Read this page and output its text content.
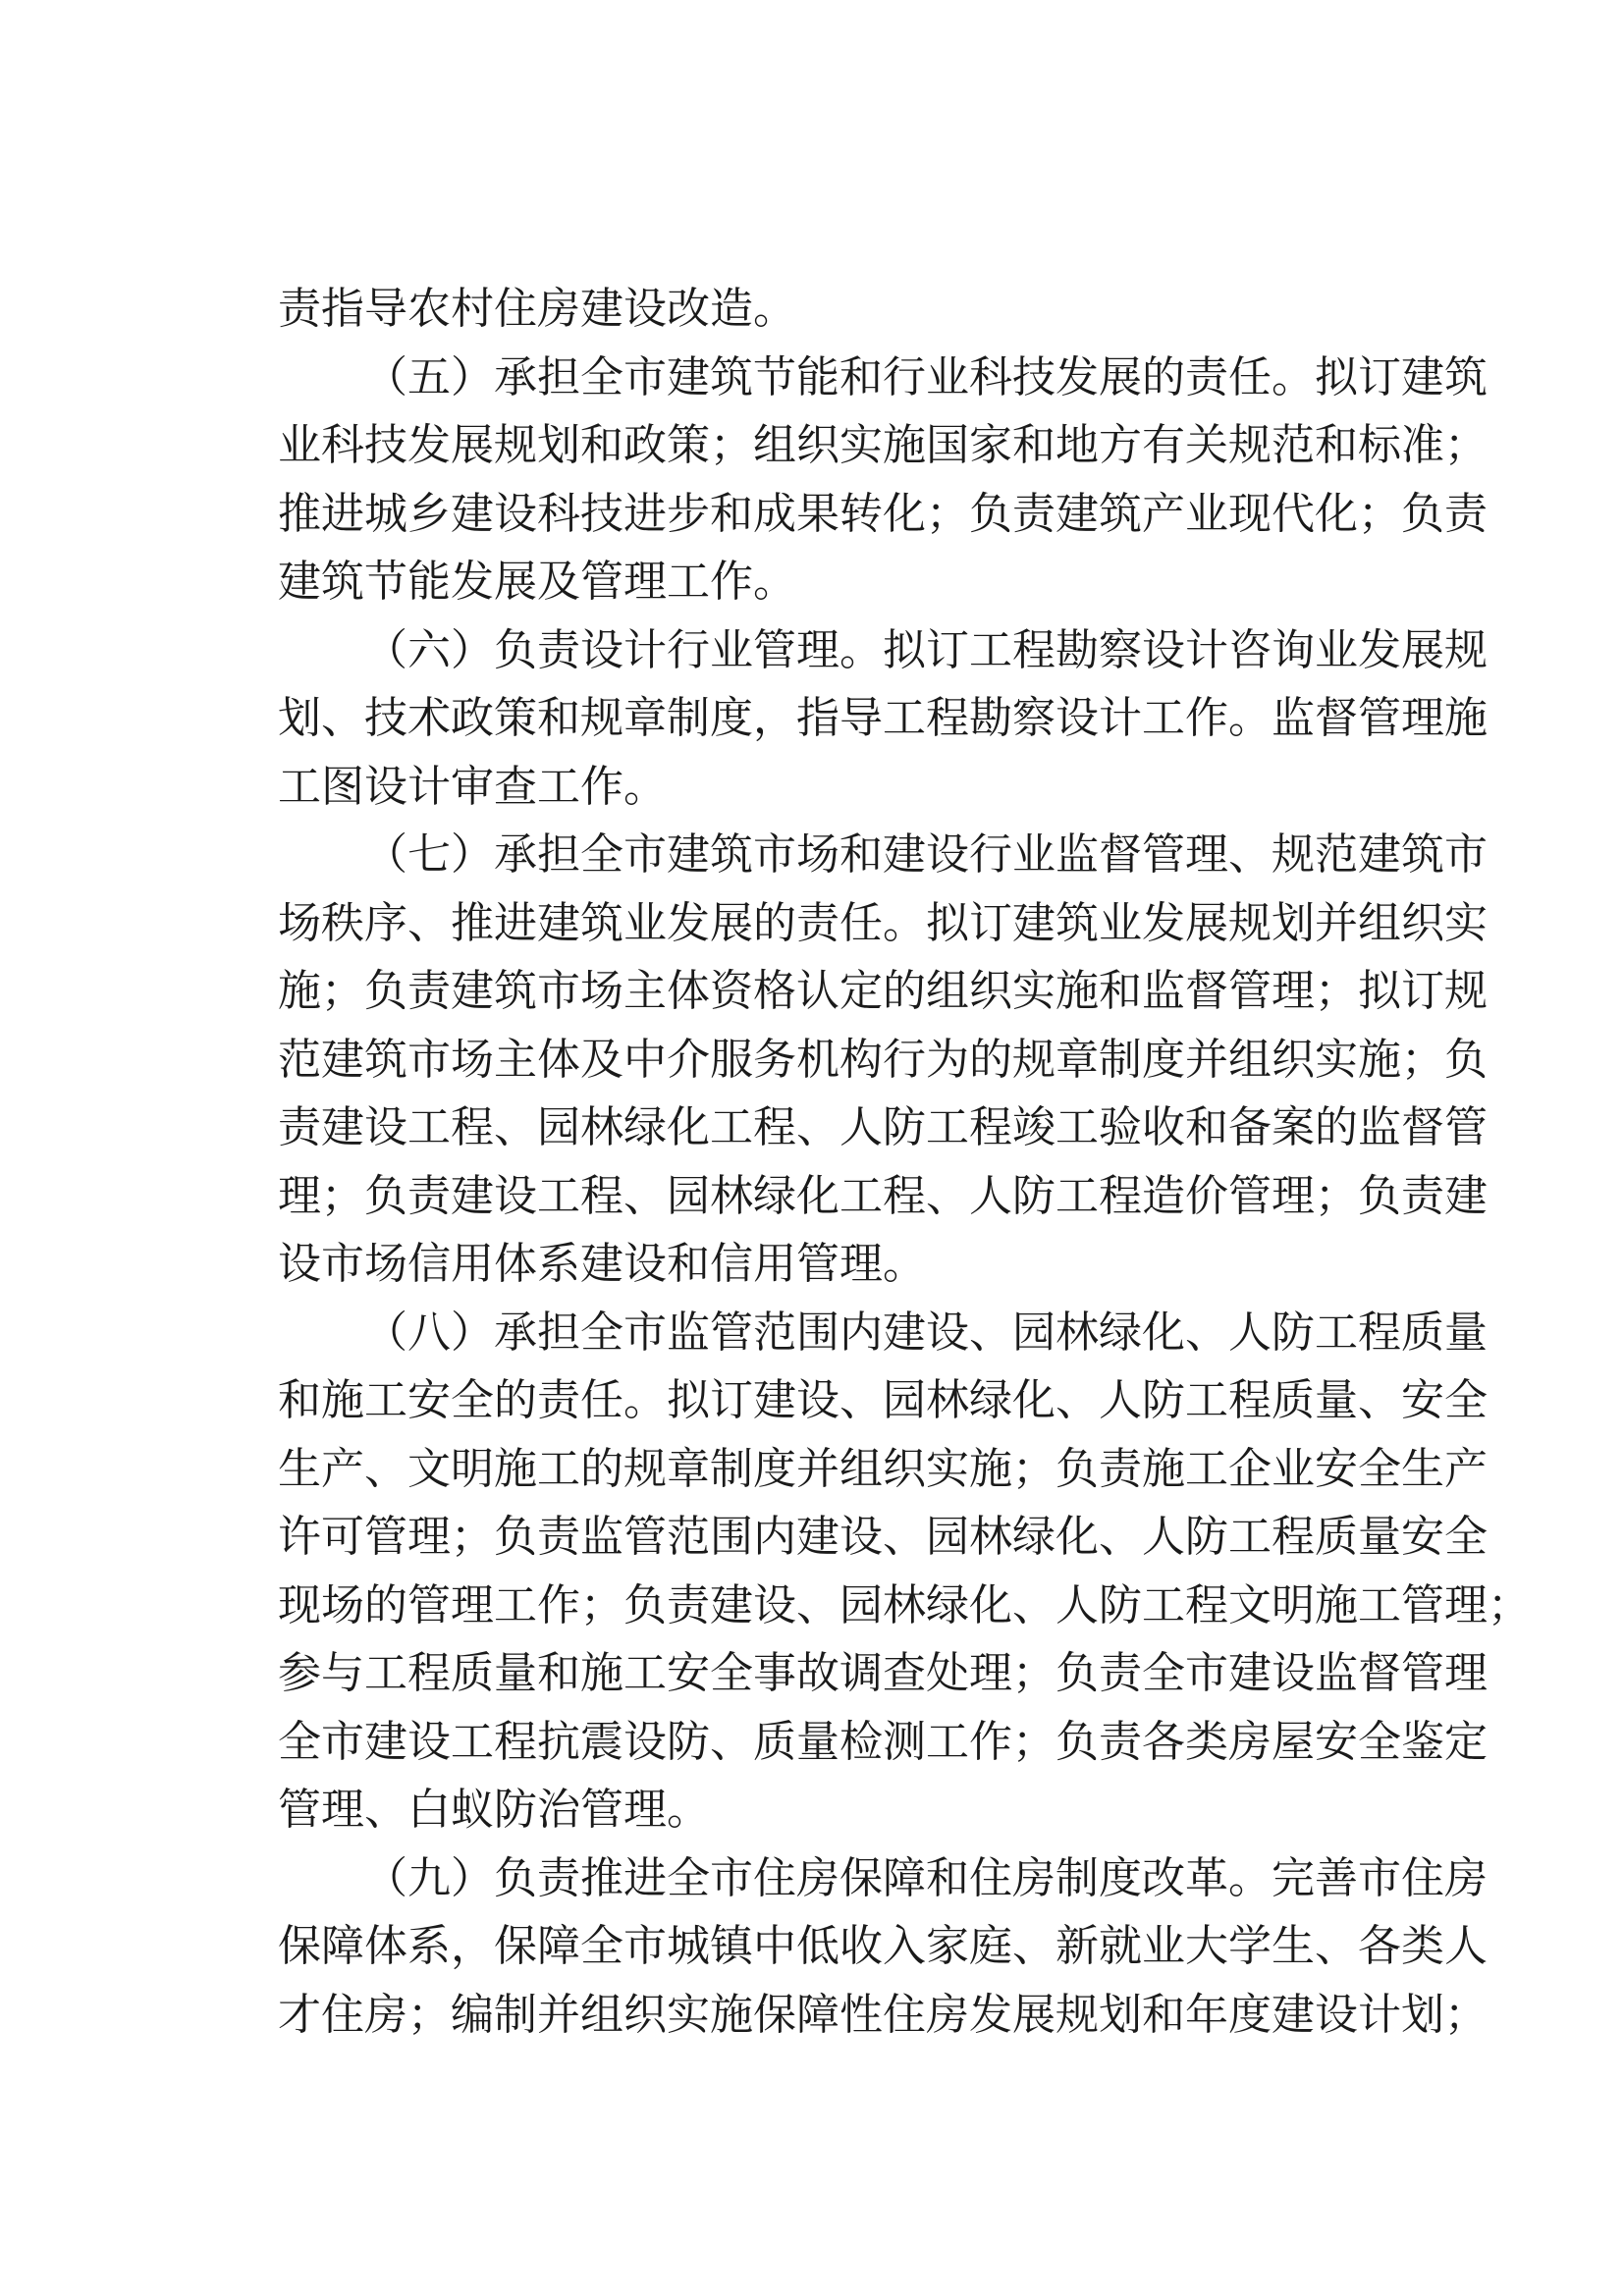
责指导农村住房建设改造。
（五）承担全市建筑节能和行业科技发展的责任。拟订建筑
业科技发展规划和政策；组织实施国家和地方有关规范和标准；
推进城乡建设科技进步和成果转化；负责建筑产业现代化；负责
建筑节能发展及管理工作。
（六）负责设计行业管理。拟订工程勘察设计咨询业发展规
划、技术政策和规章制度，指导工程勘察设计工作。监督管理施
工图设计审查工作。
（七）承担全市建筑市场和建设行业监督管理、规范建筑市
场秩序、推进建筑业发展的责任。拟订建筑业发展规划并组织实
施；负责建筑市场主体资格认定的组织实施和监督管理；拟订规
范建筑市场主体及中介服务机构行为的规章制度并组织实施；负
责建设工程、园林绿化工程、人防工程竣工验收和备案的监督管
理；负责建设工程、园林绿化工程、人防工程造价管理；负责建
设市场信用体系建设和信用管理。
（八）承担全市监管范围内建设、园林绿化、人防工程质量
和施工安全的责任。拟订建设、园林绿化、人防工程质量、安全
生产、文明施工的规章制度并组织实施；负责施工企业安全生产
许可管理；负责监管范围内建设、园林绿化、人防工程质量安全
现场的管理工作；负责建设、园林绿化、人防工程文明施工管理；
参与工程质量和施工安全事故调查处理；负责全市建设监督管理
全市建设工程抗震设防、质量检测工作；负责各类房屋安全鉴定
管理、白蚁防治管理。
（九）负责推进全市住房保障和住房制度改革。完善市住房
保障体系，保障全市城镇中低收入家庭、新就业大学生、各类人
才住房；编制并组织实施保障性住房发展规划和年度建设计划；
